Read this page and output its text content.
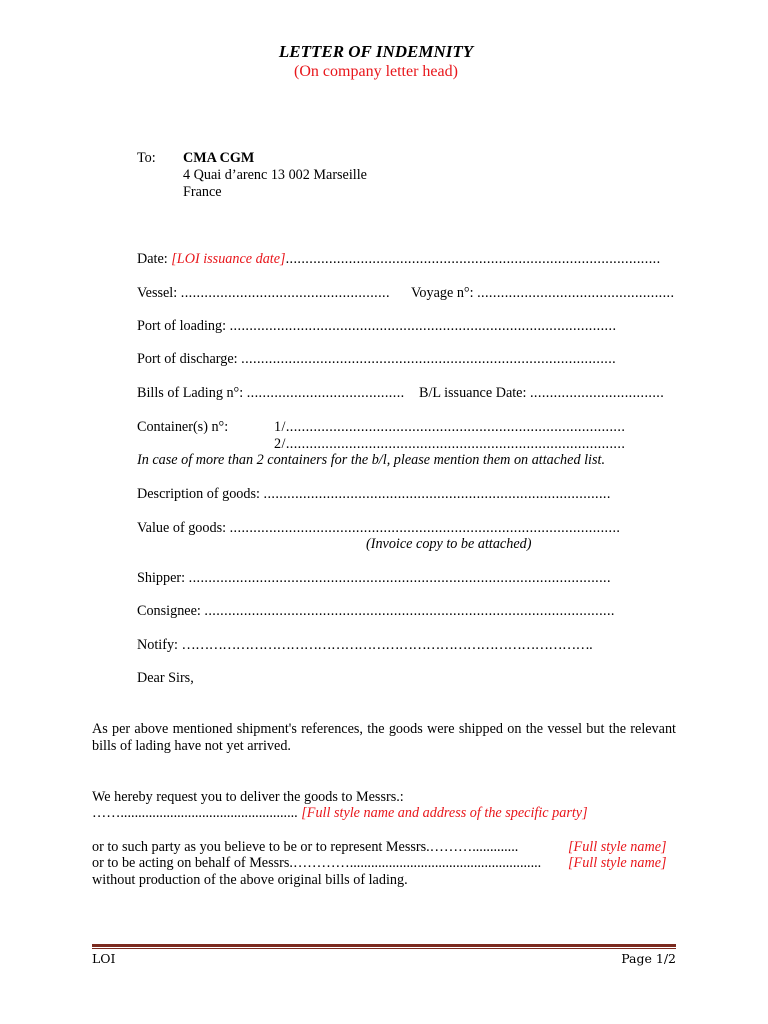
LETTER OF INDEMNITY
(On company letter head)
To: CMA CGM
4 Quai d’arenc 13 002 Marseille
France
Date: [LOI issuance date]...............................................................................................
Vessel: ..................................................... Voyage n°: ..................................................
Port of loading: ..................................................................................................
Port of discharge: ...............................................................................................
Bills of Lading n°: ........................................ B/L issuance Date: ..................................
Container(s) n°:	1/......................................................................................
2/......................................................................................
In case of more than 2 containers for the b/l, please mention them on attached list.
Description of goods: ........................................................................................
Value of goods: ...................................................................................................
(Invoice copy to be attached)
Shipper: ...........................................................................................................
Consignee: ........................................................................................................
Notify: ……………………………………………………………………………….
Dear Sirs,
As per above mentioned shipment's references, the goods were shipped on the vessel but the relevant bills of lading have not yet arrived.
We hereby request you to deliver the goods to Messrs.:
…….................................................. [Full style name and address of the specific party]
or to such party as you believe to be or to represent Messrs.……….............	[Full style name]
or to be acting on behalf of Messrs.…………...................................................... [Full style name]
without production of the above original bills of lading.
LOI	Page 1/2
